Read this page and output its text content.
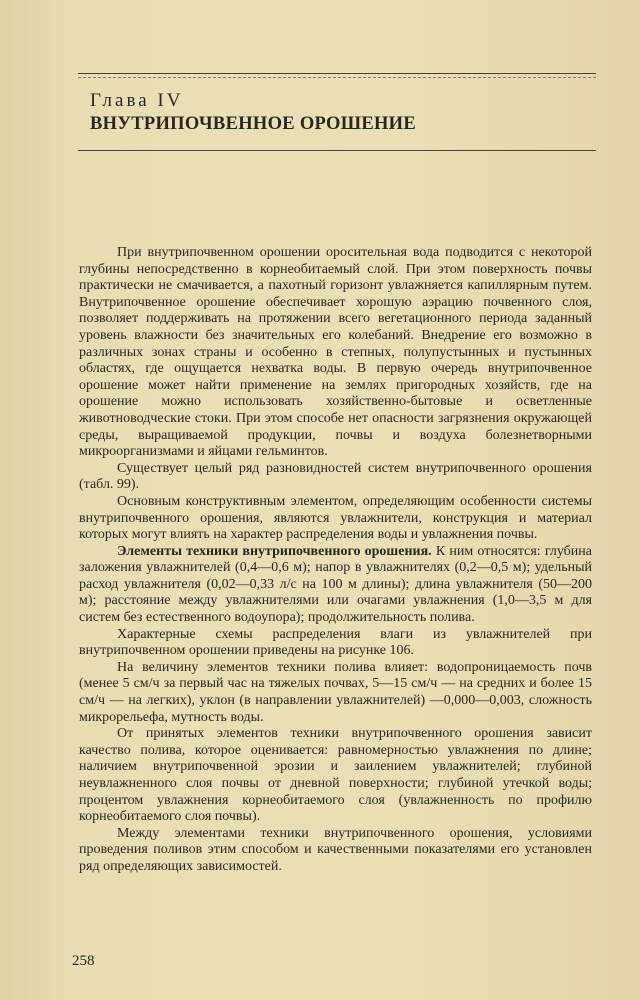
Глава IV
ВНУТРИПОЧВЕННОЕ ОРОШЕНИЕ

При внутрипочвенном орошении оросительная вода подводится с некоторой глубины непосредственно в корнеобитаемый слой. При этом поверхность почвы практически не смачивается, а пахотный горизонт увлажняется капиллярным путем. Внутрипочвенное орошение обеспечивает хорошую аэрацию почвенного слоя, позволяет поддерживать на протяжении всего вегетационного периода заданный уровень влажности без значительных его колебаний. Внедрение его возможно в различных зонах страны и особенно в степных, полупустынных и пустынных областях, где ощущается нехватка воды. В первую очередь внутрипочвенное орошение может найти применение на землях пригородных хозяйств, где на орошение можно использовать хозяйственно-бытовые и осветленные животноводческие стоки. При этом способе нет опасности загрязнения окружающей среды, выращиваемой продукции, почвы и воздуха болезнетворными микроорганизмами и яйцами гельминтов.

Существует целый ряд разновидностей систем внутрипочвенного орошения (табл. 99).

Основным конструктивным элементом, определяющим особенности системы внутрипочвенного орошения, являются увлажнители, конструкция и материал которых могут влиять на характер распределения воды и увлажнения почвы.

Элементы техники внутрипочвенного орошения. К ним относятся: глубина заложения увлажнителей (0,4—0,6 м); напор в увлажнителях (0,2—0,5 м); удельный расход увлажнителя (0,02—0,33 л/с на 100 м длины); длина увлажнителя (50—200 м); расстояние между увлажнителями или очагами увлажнения (1,0—3,5 м для систем без естественного водоупора); продолжительность полива.

Характерные схемы распределения влаги из увлажнителей при внутрипочвенном орошении приведены на рисунке 106.

На величину элементов техники полива влияет: водопроницаемость почв (менее 5 см/ч за первый час на тяжелых почвах, 5—15 см/ч — на средних и более 15 см/ч — на легких), уклон (в направлении увлажнителей) —0,000—0,003, сложность микрорельефа, мутность воды.

От принятых элементов техники внутрипочвенного орошения зависит качество полива, которое оценивается: равномерностью увлажнения по длине; наличием внутрипочвенной эрозии и заилением увлажнителей; глубиной неувлажненного слоя почвы от дневной поверхности; глубиной утечкой воды; процентом увлажнения корнеобитаемого слоя (увлажненность по профилю корнеобитаемого слоя почвы).

Между элементами техники внутрипочвенного орошения, условиями проведения поливов этим способом и качественными показателями его установлен ряд определяющих зависимостей.

258
